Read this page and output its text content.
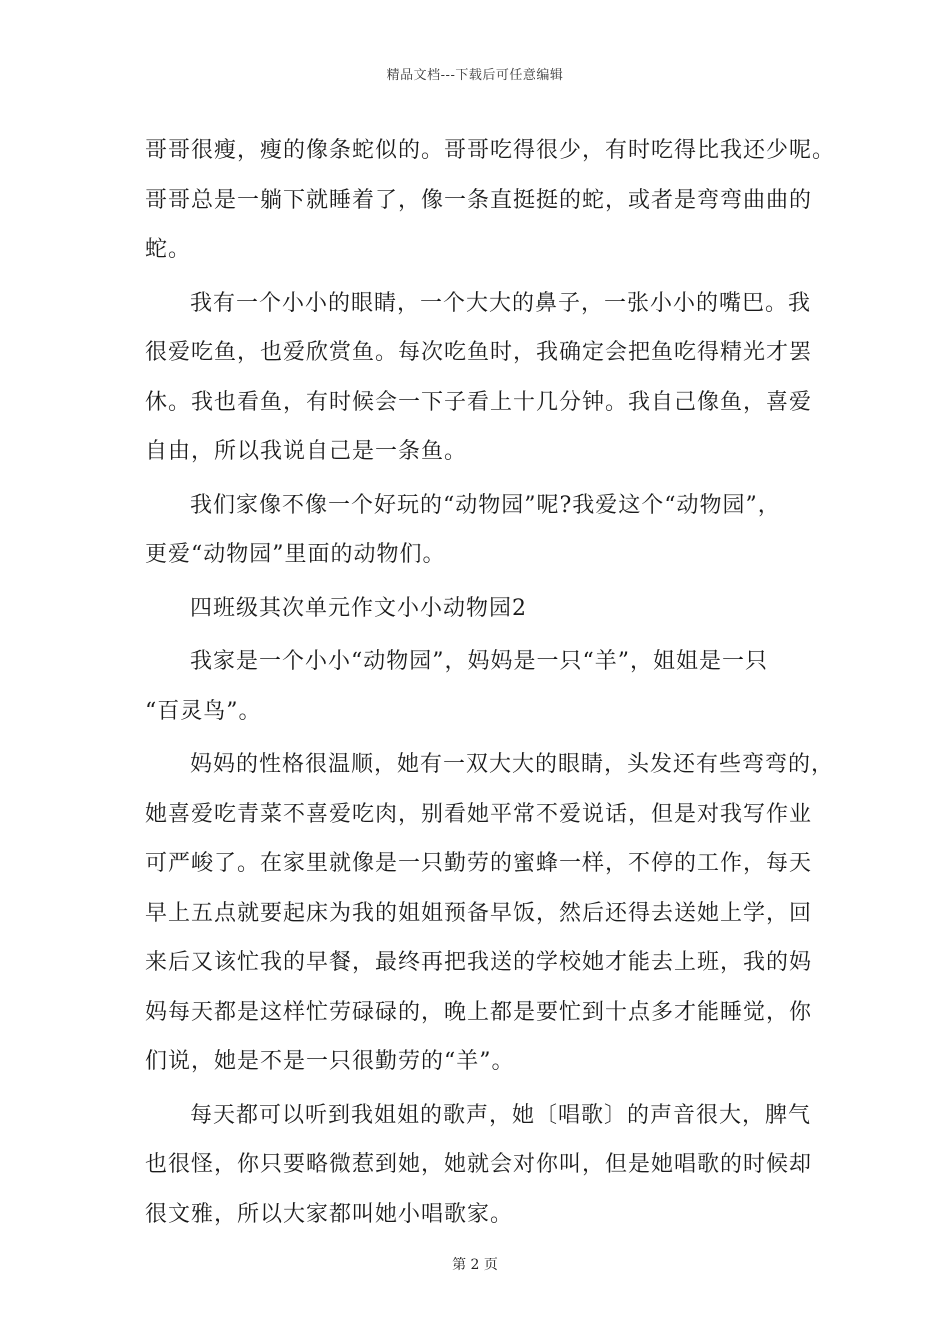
精品文档---下载后可任意编辑
哥哥很瘦，瘦的像条蛇似的。哥哥吃得很少，有时吃得比我还少呢。
哥哥总是一躺下就睡着了，像一条直挺挺的蛇，或者是弯弯曲曲的
蛇。
我有一个小小的眼睛，一个大大的鼻子，一张小小的嘴巴。我
很爱吃鱼，也爱欣赏鱼。每次吃鱼时，我确定会把鱼吃得精光才罢
休。我也看鱼，有时候会一下子看上十几分钟。我自己像鱼，喜爱
自由，所以我说自己是一条鱼。
我们家像不像一个好玩的“动物园”呢?我爱这个“动物园”，
更爱“动物园”里面的动物们。
四班级其次单元作文小小动物园2
我家是一个小小“动物园”，妈妈是一只“羊”，姐姐是一只
“百灵鸟”。
妈妈的性格很温顺，她有一双大大的眼睛，头发还有些弯弯的，
她喜爱吃青菜不喜爱吃肉，别看她平常不爱说话，但是对我写作业
可严峻了。在家里就像是一只勤劳的蜜蜂一样，不停的工作，每天
早上五点就要起床为我的姐姐预备早饭，然后还得去送她上学，回
来后又该忙我的早餐，最终再把我送的学校她才能去上班，我的妈
妈每天都是这样忙劳碌碌的，晚上都是要忙到十点多才能睡觉，你
们说，她是不是一只很勤劳的“羊”。
每天都可以听到我姐姐的歌声，她〔唱歌〕的声音很大，脾气
也很怪，你只要略微惹到她，她就会对你叫，但是她唱歌的时候却
很文雅，所以大家都叫她小唱歌家。
第 2 页
